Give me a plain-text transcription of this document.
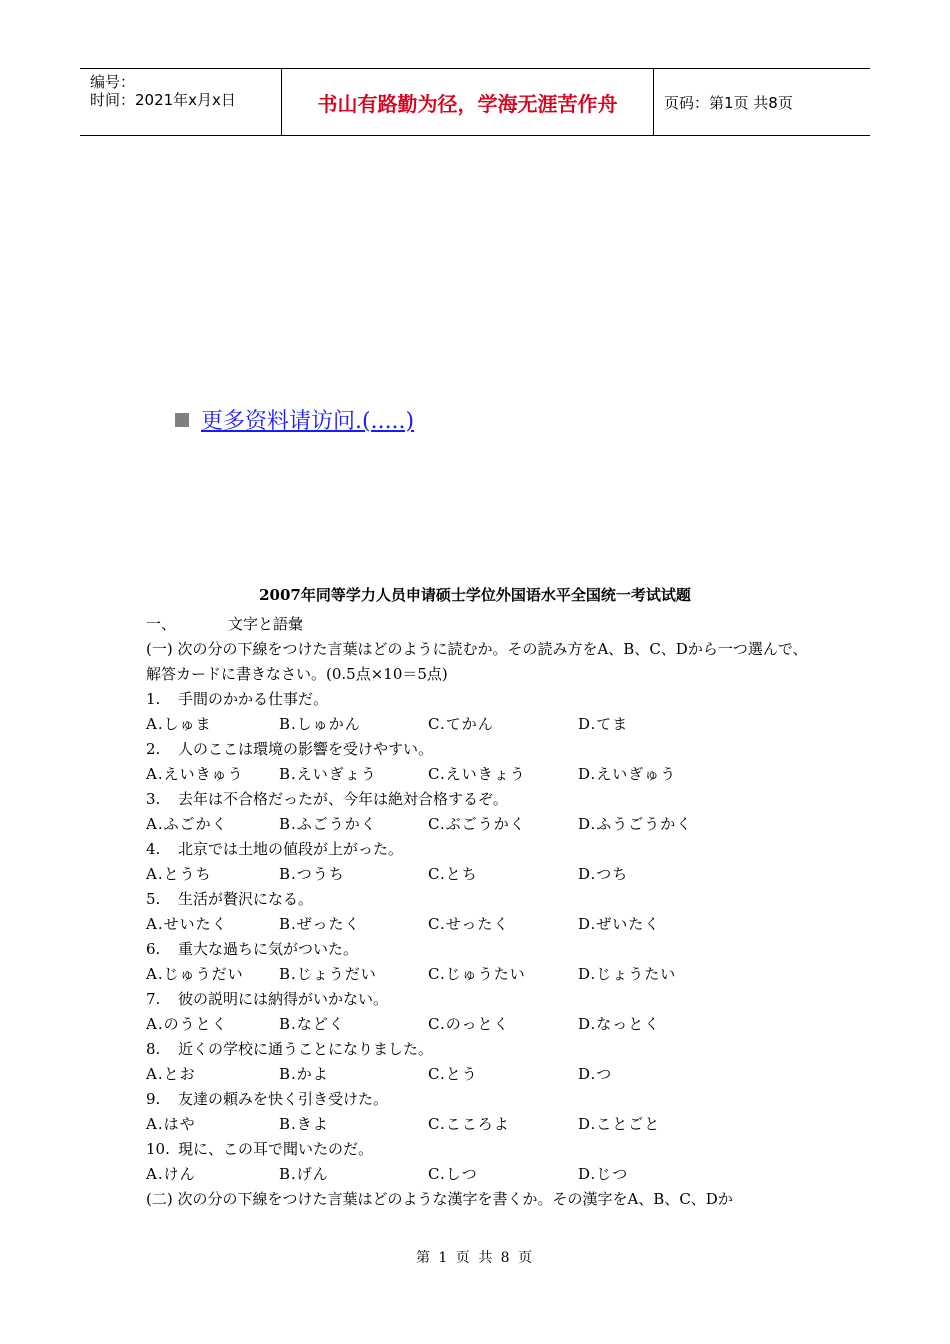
编号：
时间：2021年x月x日	书山有路勤为径，学海无涯苦作舟	页码：第1页 共8页
更多资料请访问.(.....)
2007年同等学力人员申请硕士学位外国语水平全国统一考试试题
一、	文字と語彙
(一) 次の分の下線をつけた言葉はどのように読むか。その読み方をA、B、C、Dから一つ選んで、解答カードに書きなさい。(0.5点×10＝5点)
1.	手間のかかる仕事だ。
A.しゅま	B.しゅかん	C.てかん	D.てま
2.	人のここは環境の影響を受けやすい。
A.えいきゅう	B.えいぎょう	C.えいきょう	D.えいぎゅう
3.	去年は不合格だったが、今年は絶対合格するぞ。
A.ふごかく	B.ふごうかく	C.ぶごうかく	D.ふうごうかく
4.	北京では土地の値段が上がった。
A.とうち	B.つうち	C.とち	D.つち
5.	生活が贅沢になる。
A.せいたく	B.ぜったく	C.せったく	D.ぜいたく
6.	重大な過ちに気がついた。
A.じゅうだい	B.じょうだい	C.じゅうたい	D.じょうたい
7.	彼の説明には納得がいかない。
A.のうとく	B.などく	C.のっとく	D.なっとく
8.	近くの学校に通うことになりました。
A.とお	B.かよ	C.とう	D.つ
9.	友達の頼みを快く引き受けた。
A.はや	B.きよ	C.こころよ	D.ことごと
10. 現に、この耳で聞いたのだ。
A.けん	B.げん	C.しつ	D.じつ
(二) 次の分の下線をつけた言葉はどのような漢字を書くか。その漢字をA、B、C、Dか
第 1 页 共 8 页
